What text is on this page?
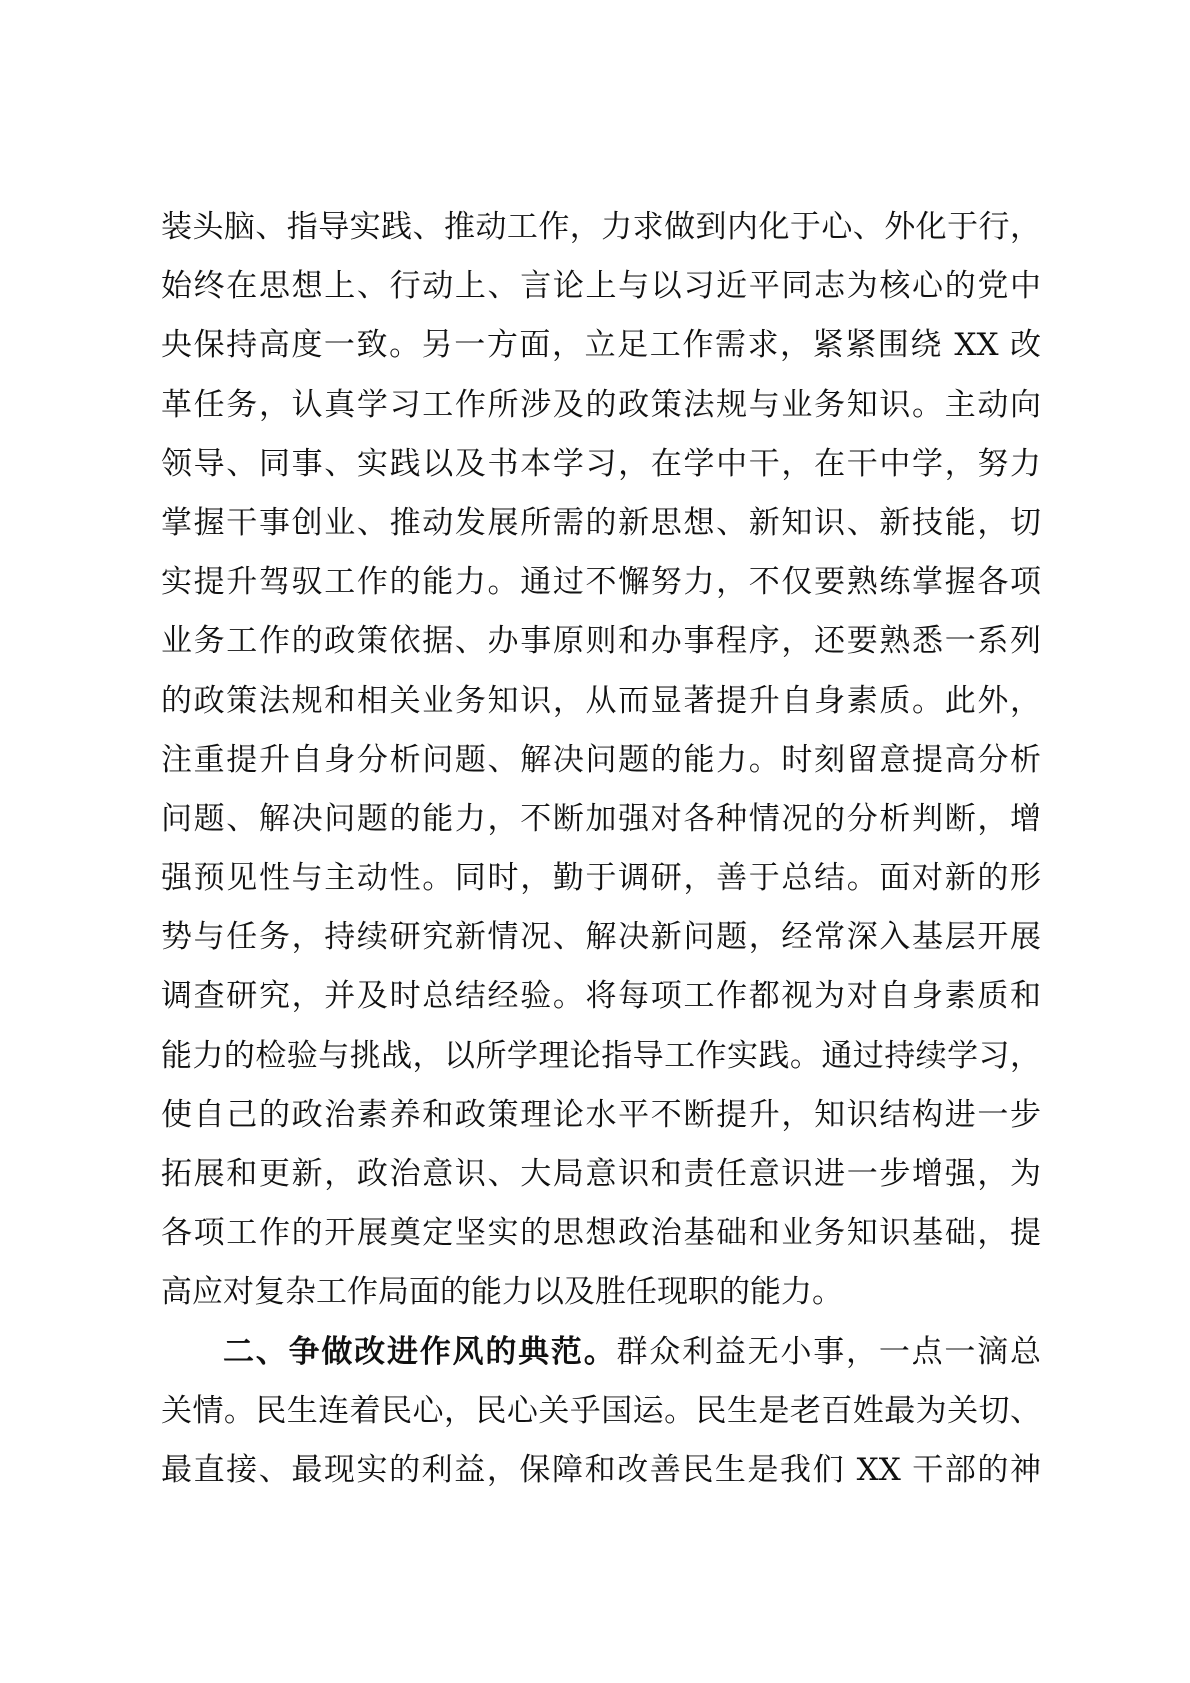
装头脑、指导实践、推动工作，力求做到内化于心、外化于行，
始终在思想上、行动上、言论上与以习近平同志为核心的党中
央保持高度一致。另一方面，立足工作需求，紧紧围绕 XX 改
革任务，认真学习工作所涉及的政策法规与业务知识。主动向
领导、同事、实践以及书本学习，在学中干，在干中学，努力
掌握干事创业、推动发展所需的新思想、新知识、新技能，切
实提升驾驭工作的能力。通过不懈努力，不仅要熟练掌握各项
业务工作的政策依据、办事原则和办事程序，还要熟悉一系列
的政策法规和相关业务知识，从而显著提升自身素质。此外，
注重提升自身分析问题、解决问题的能力。时刻留意提高分析
问题、解决问题的能力，不断加强对各种情况的分析判断，增
强预见性与主动性。同时，勤于调研，善于总结。面对新的形
势与任务，持续研究新情况、解决新问题，经常深入基层开展
调查研究，并及时总结经验。将每项工作都视为对自身素质和
能力的检验与挑战，以所学理论指导工作实践。通过持续学习，
使自己的政治素养和政策理论水平不断提升，知识结构进一步
拓展和更新，政治意识、大局意识和责任意识进一步增强，为
各项工作的开展奠定坚实的思想政治基础和业务知识基础，提
高应对复杂工作局面的能力以及胜任现职的能力。
二、争做改进作风的典范。群众利益无小事，一点一滴总
关情。民生连着民心，民心关乎国运。民生是老百姓最为关切、
最直接、最现实的利益，保障和改善民生是我们 XX 干部的神
